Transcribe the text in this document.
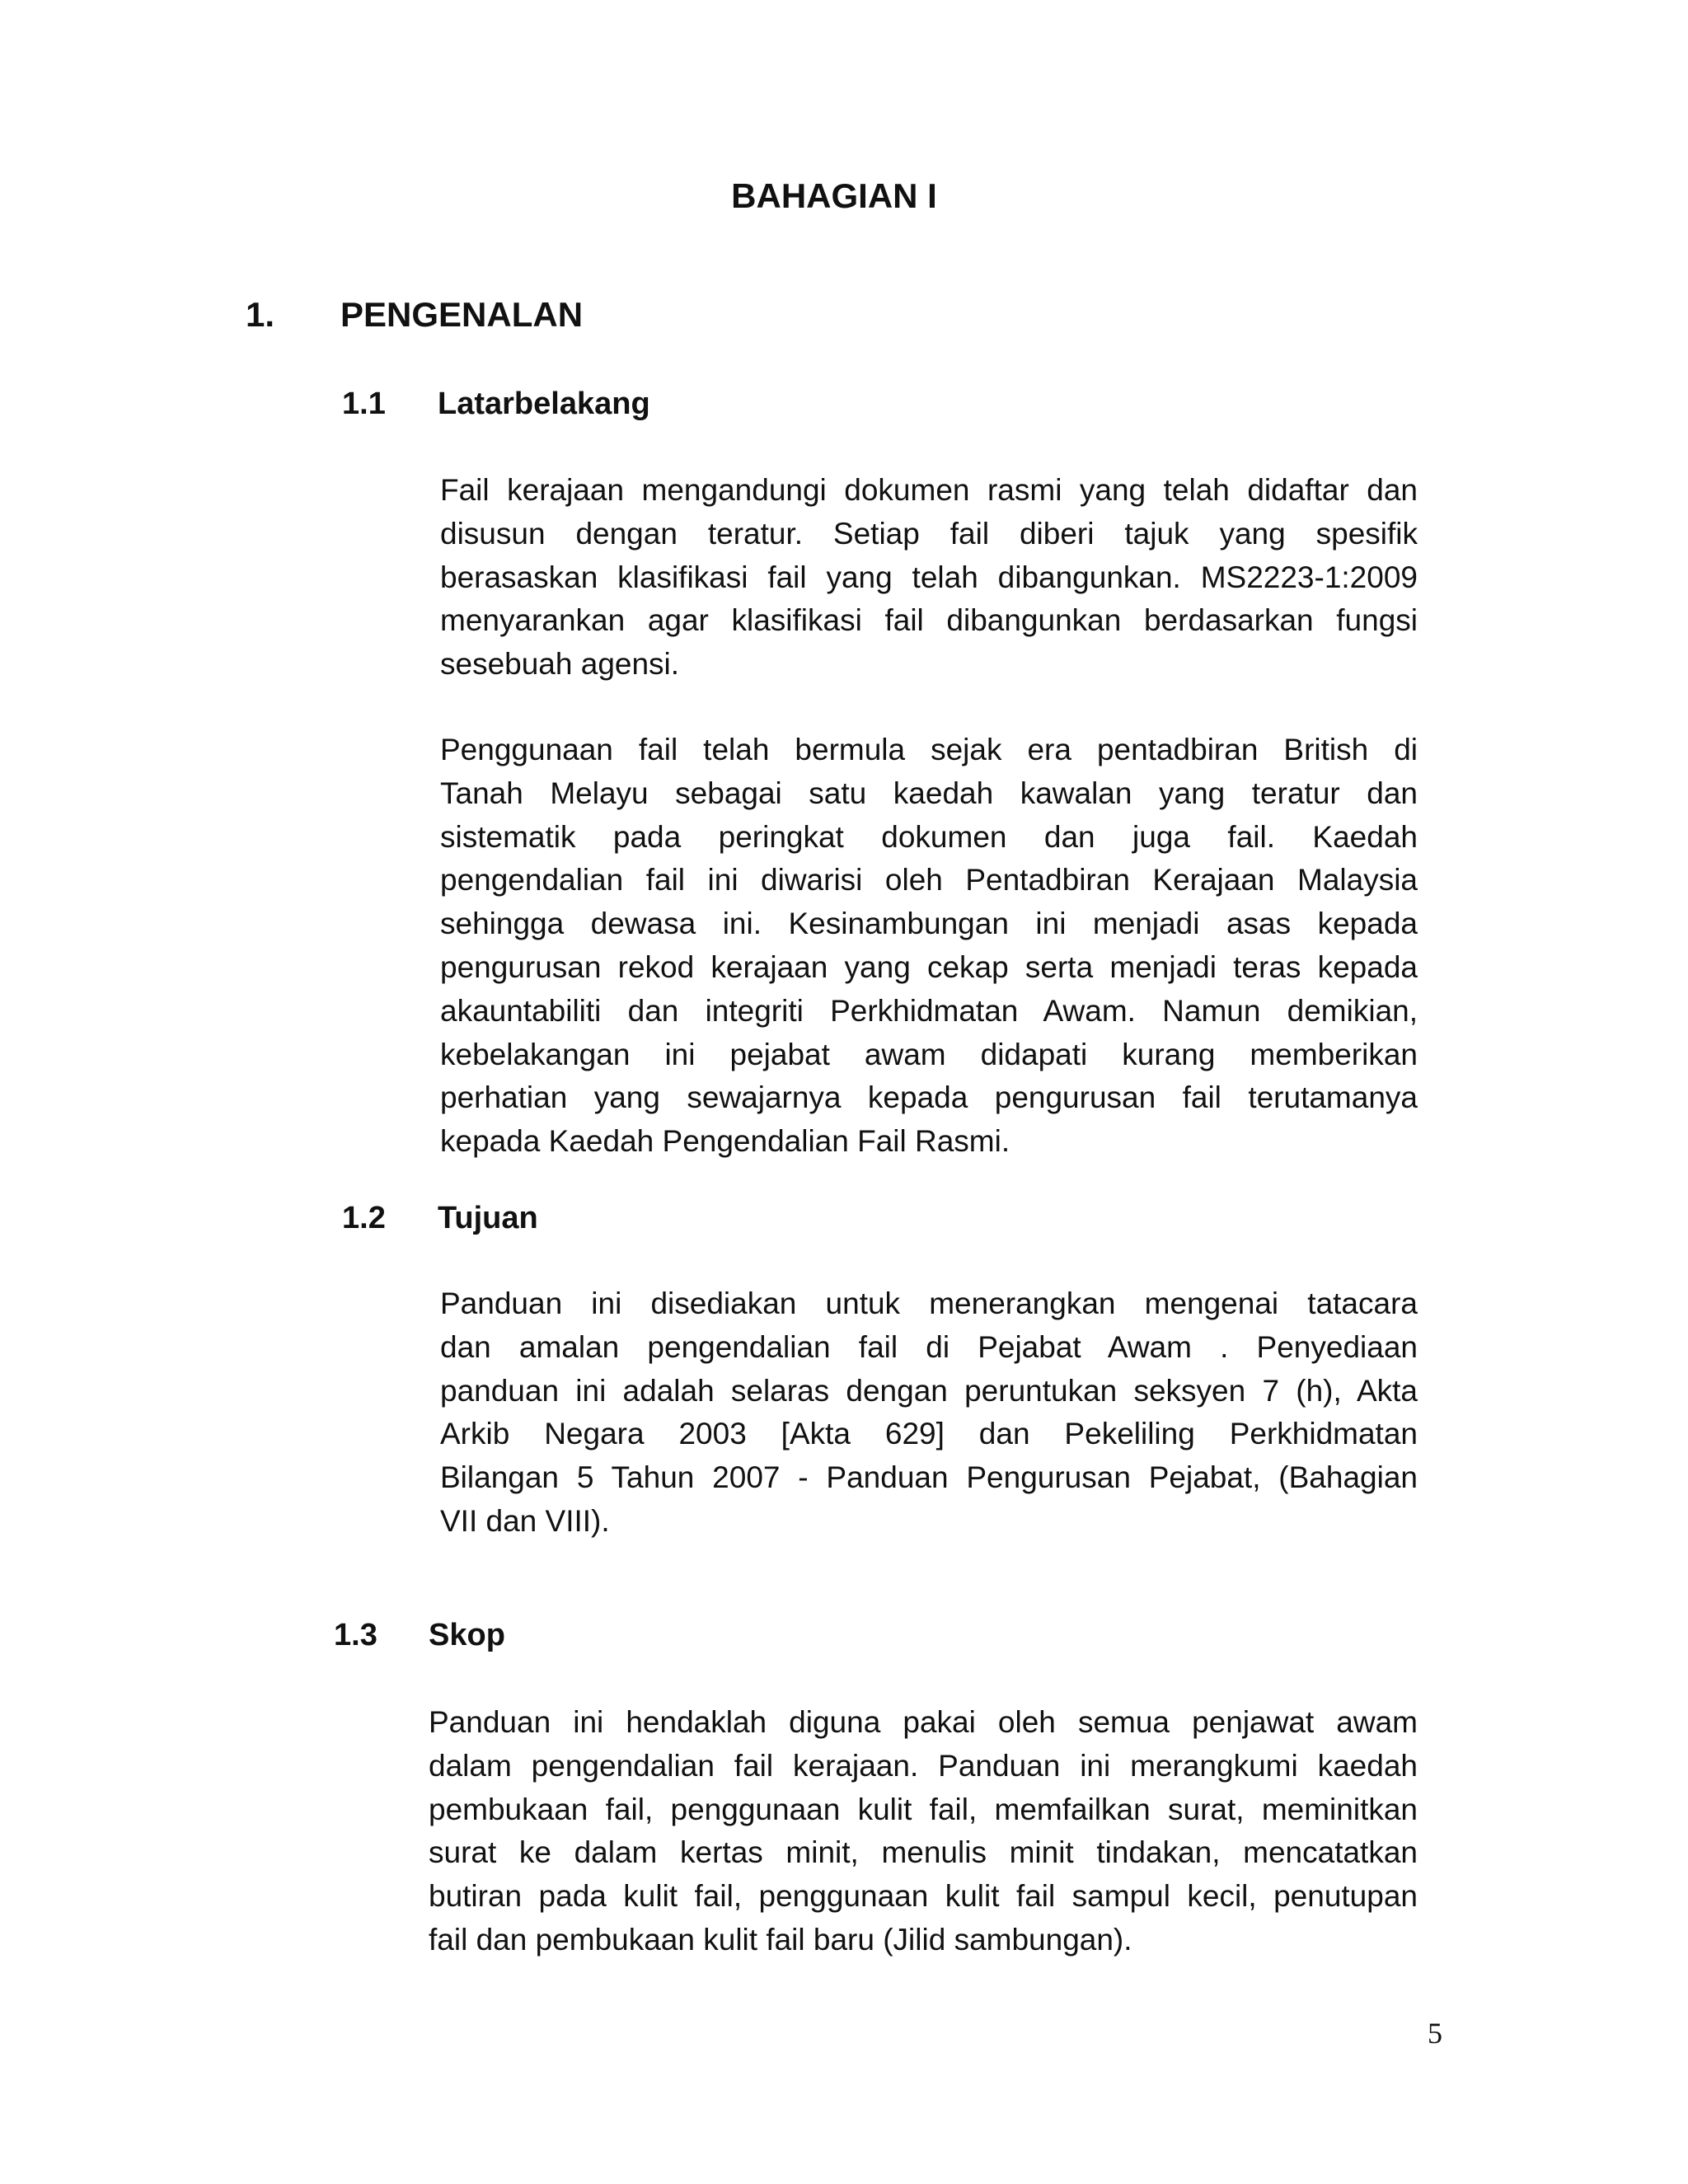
BAHAGIAN I
1. PENGENALAN
1.1 Latarbelakang
Fail kerajaan mengandungi dokumen rasmi yang telah didaftar dan
disusun dengan teratur. Setiap fail diberi tajuk yang spesifik
berasaskan klasifikasi fail yang telah dibangunkan. MS2223-1:2009
menyarankan agar klasifikasi fail dibangunkan berdasarkan fungsi
sesebuah agensi.
Penggunaan fail telah bermula sejak era pentadbiran British di
Tanah Melayu sebagai satu kaedah kawalan yang teratur dan
sistematik pada peringkat dokumen dan juga fail. Kaedah
pengendalian fail ini diwarisi oleh Pentadbiran Kerajaan Malaysia
sehingga dewasa ini. Kesinambungan ini menjadi asas kepada
pengurusan rekod kerajaan yang cekap serta menjadi teras kepada
akauntabiliti dan integriti Perkhidmatan Awam. Namun demikian,
kebelakangan ini pejabat awam didapati kurang memberikan
perhatian yang sewajarnya kepada pengurusan fail terutamanya
kepada Kaedah Pengendalian Fail Rasmi.
1.2 Tujuan
Panduan ini disediakan untuk menerangkan mengenai tatacara
dan amalan pengendalian fail di Pejabat Awam . Penyediaan
panduan ini adalah selaras dengan peruntukan seksyen 7 (h), Akta
Arkib Negara 2003 [Akta 629] dan Pekeliling Perkhidmatan
Bilangan 5 Tahun 2007 - Panduan Pengurusan Pejabat, (Bahagian
VII dan VIII).
1.3 Skop
Panduan ini hendaklah diguna pakai oleh semua penjawat awam
dalam pengendalian fail kerajaan. Panduan ini merangkumi kaedah
pembukaan fail, penggunaan kulit fail, memfailkan surat, meminitkan
surat ke dalam kertas minit, menulis minit tindakan, mencatatkan
butiran pada kulit fail, penggunaan kulit fail sampul kecil, penutupan
fail dan pembukaan kulit fail baru (Jilid sambungan).
5
